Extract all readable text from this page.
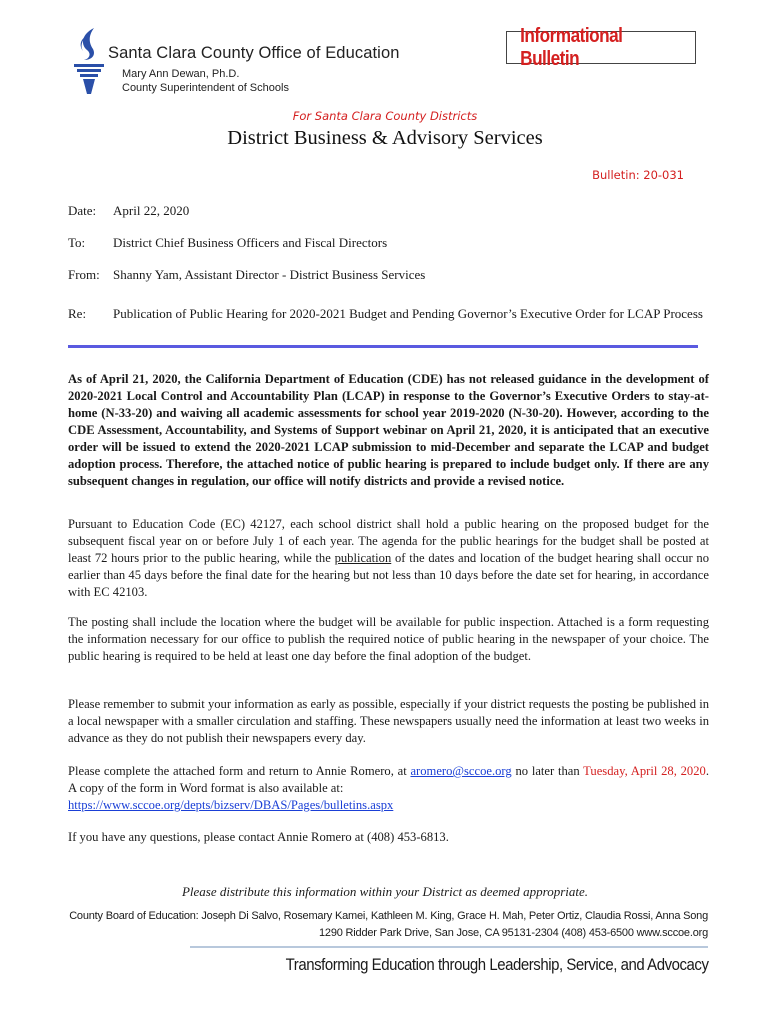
Santa Clara County Office of Education
Mary Ann Dewan, Ph.D.
County Superintendent of Schools
Informational Bulletin
For Santa Clara County Districts
District Business & Advisory Services
Bulletin: 20-031
Date: April 22, 2020
To: District Chief Business Officers and Fiscal Directors
From: Shanny Yam, Assistant Director - District Business Services
Re: Publication of Public Hearing for 2020-2021 Budget and Pending Governor’s Executive Order for LCAP Process

As of April 21, 2020, the California Department of Education (CDE) has not released guidance in the development of 2020-2021 Local Control and Accountability Plan (LCAP) in response to the Governor’s Executive Orders to stay-at-home (N-33-20) and waiving all academic assessments for school year 2019-2020 (N-30-20). However, according to the CDE Assessment, Accountability, and Systems of Support webinar on April 21, 2020, it is anticipated that an executive order will be issued to extend the 2020-2021 LCAP submission to mid-December and separate the LCAP and budget adoption process. Therefore, the attached notice of public hearing is prepared to include budget only. If there are any subsequent changes in regulation, our office will notify districts and provide a revised notice.

Pursuant to Education Code (EC) 42127, each school district shall hold a public hearing on the proposed budget for the subsequent fiscal year on or before July 1 of each year. The agenda for the public hearings for the budget shall be posted at least 72 hours prior to the public hearing, while the publication of the dates and location of the budget hearing shall occur no earlier than 45 days before the final date for the hearing but not less than 10 days before the date set for hearing, in accordance with EC 42103.

The posting shall include the location where the budget will be available for public inspection. Attached is a form requesting the information necessary for our office to publish the required notice of public hearing in the newspaper of your choice. The public hearing is required to be held at least one day before the final adoption of the budget.

Please remember to submit your information as early as possible, especially if your district requests the posting be published in a local newspaper with a smaller circulation and staffing. These newspapers usually need the information at least two weeks in advance as they do not publish their newspapers every day.

Please complete the attached form and return to Annie Romero, at aromero@sccoe.org no later than Tuesday, April 28, 2020. A copy of the form in Word format is also available at:
https://www.sccoe.org/depts/bizserv/DBAS/Pages/bulletins.aspx

If you have any questions, please contact Annie Romero at (408) 453-6813.

Please distribute this information within your District as deemed appropriate.
County Board of Education: Joseph Di Salvo, Rosemary Kamei, Kathleen M. King, Grace H. Mah, Peter Ortiz, Claudia Rossi, Anna Song
1290 Ridder Park Drive, San Jose, CA 95131-2304 (408) 453-6500 www.sccoe.org
Transforming Education through Leadership, Service, and Advocacy
